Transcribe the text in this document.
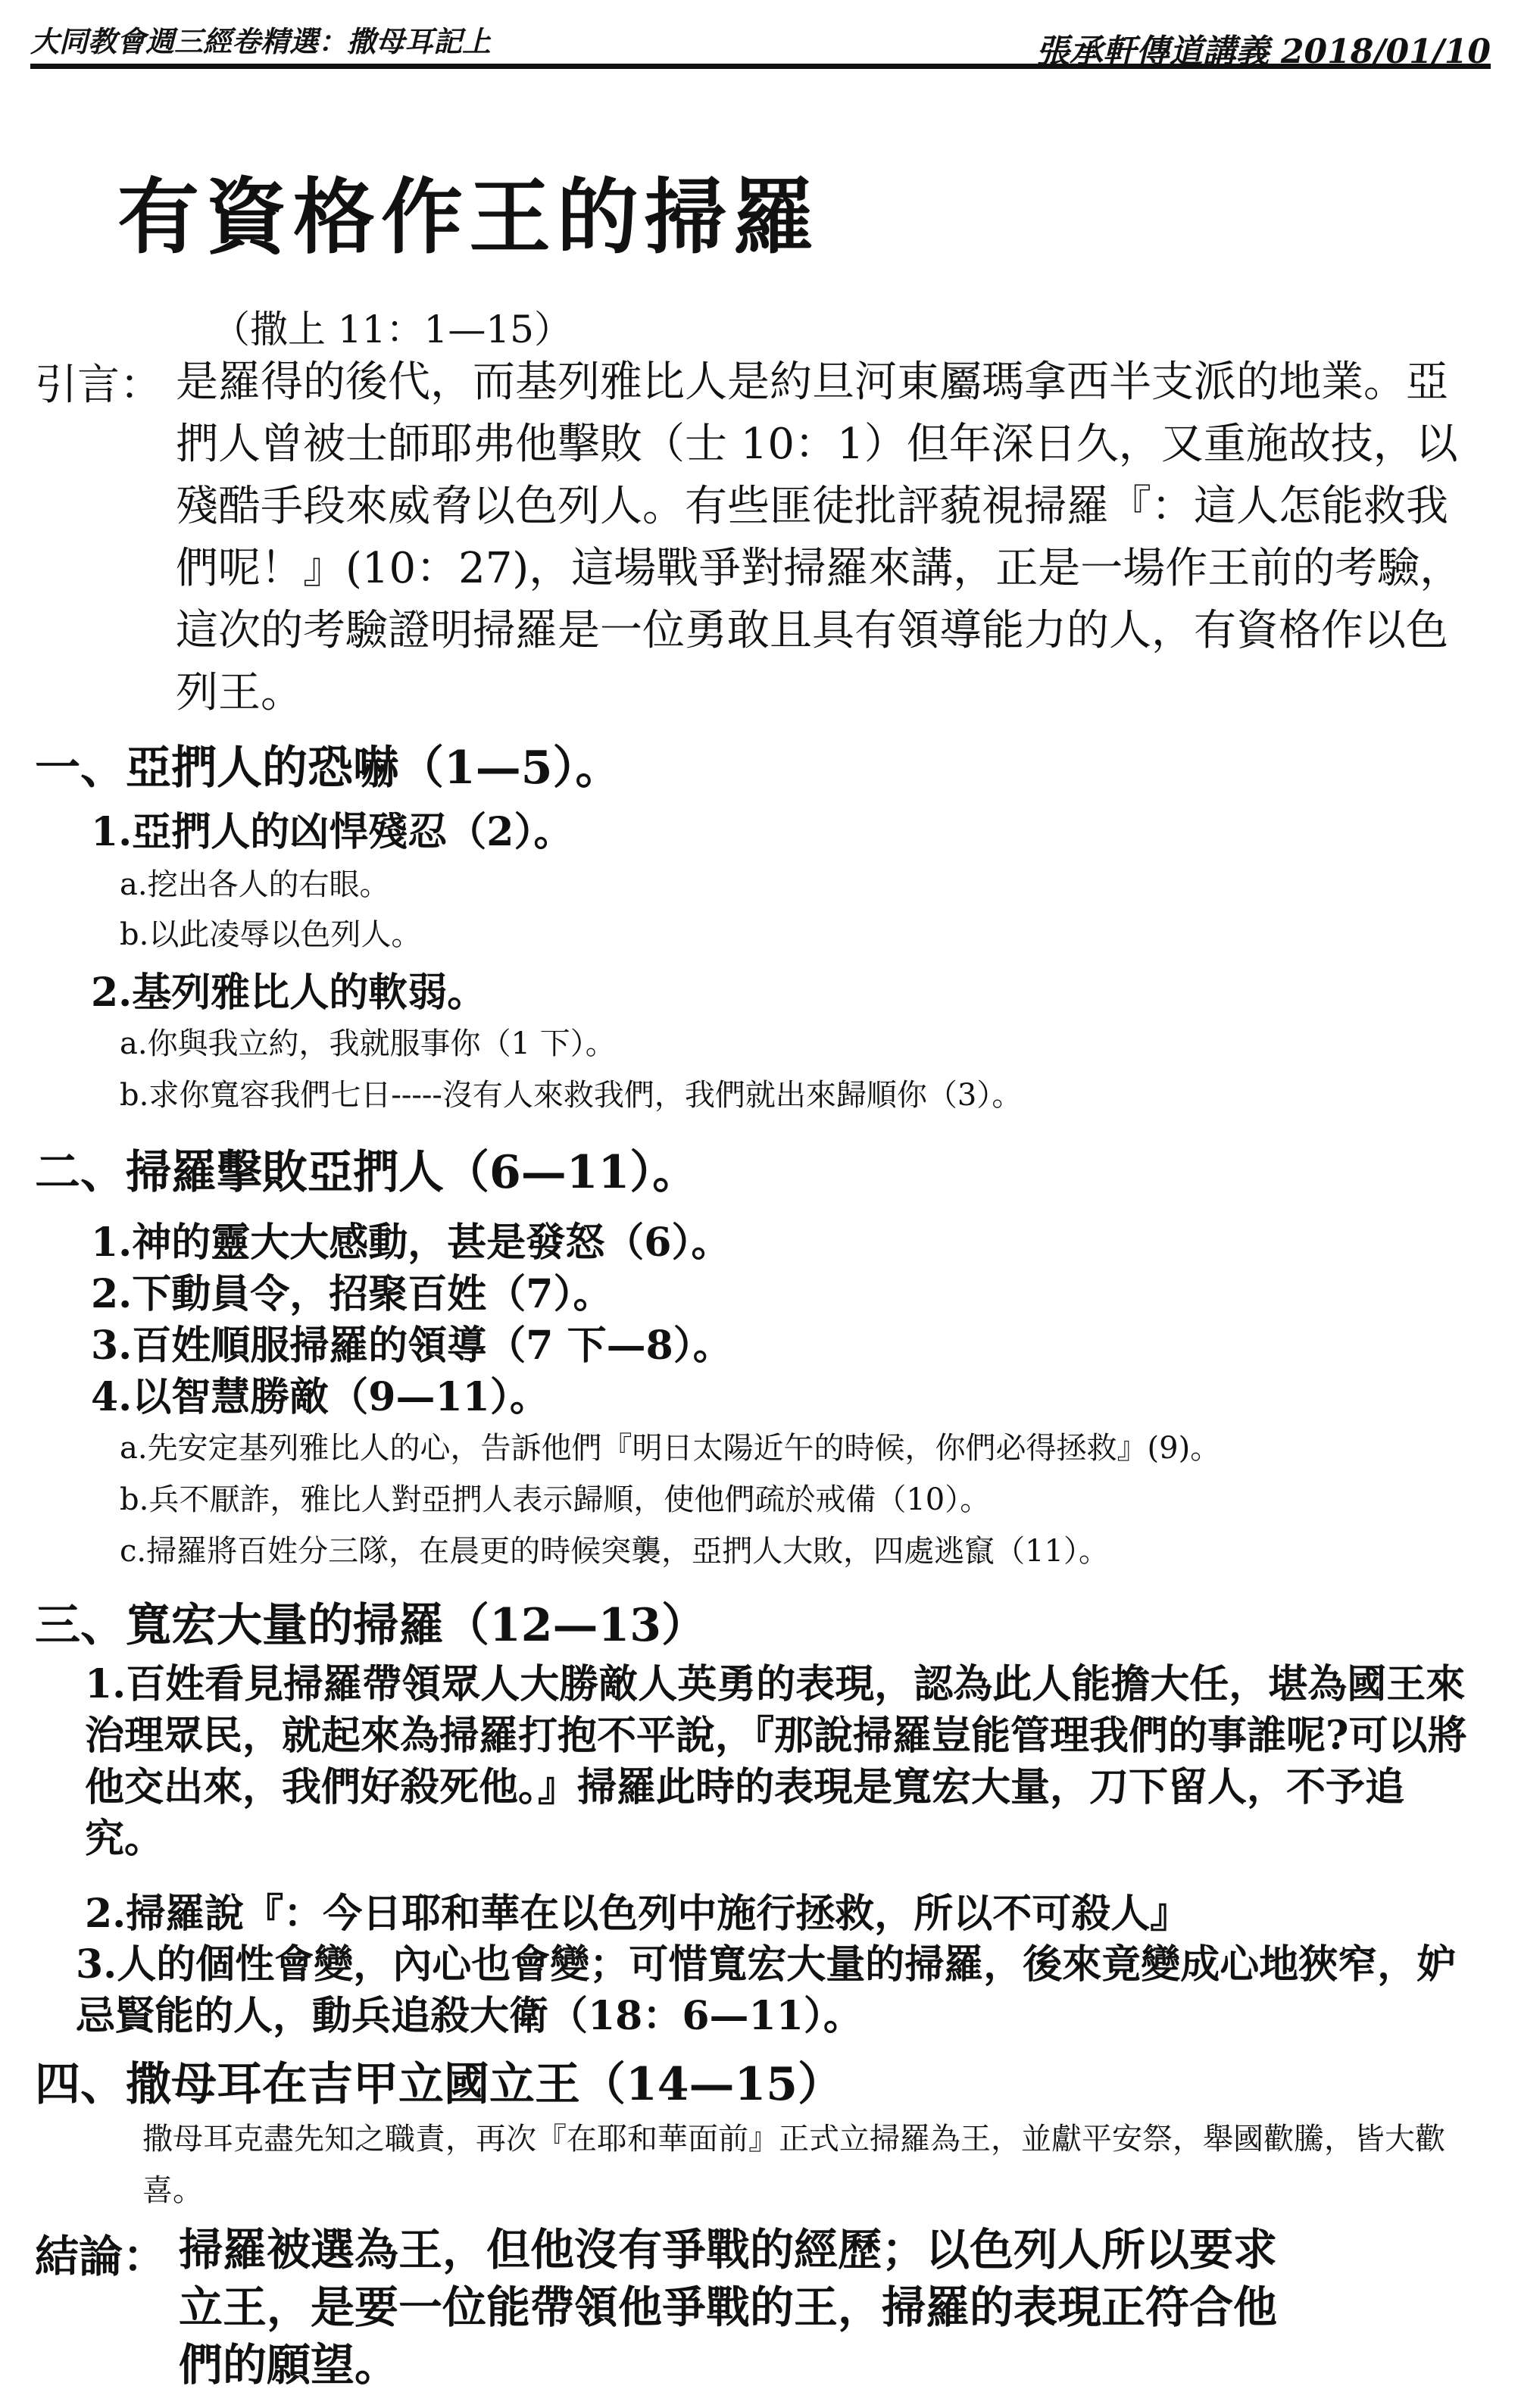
大同教會週三經卷精選：撒母耳記上	張承軒傳道講義 2018/01/10
有資格作王的掃羅
（撒上 11：1—15）
引言： 是羅得的後代，而基列雅比人是約旦河東屬瑪拿西半支派的地業。亞捫人曾被士師耶弗他擊敗（士 10：1）但年深日久，又重施故技，以殘酷手段來威脅以色列人。有些匪徒批評藐視掃羅『：這人怎能救我們呢！』(10：27)，這場戰爭對掃羅來講，正是一場作王前的考驗，這次的考驗證明掃羅是一位勇敢且具有領導能力的人，有資格作以色列王。
一、亞捫人的恐嚇（1—5）。
1.亞捫人的凶悍殘忍（2）。
a.挖出各人的右眼。
b.以此凌辱以色列人。
2.基列雅比人的軟弱。
a.你與我立約，我就服事你（1 下）。
b.求你寬容我們七日-----沒有人來救我們，我們就出來歸順你（3）。
二、掃羅擊敗亞捫人（6—11）。
1.神的靈大大感動，甚是發怒（6）。
2.下動員令，招聚百姓（7）。
3.百姓順服掃羅的領導（7 下—8）。
4.以智慧勝敵（9—11）。
a.先安定基列雅比人的心，告訴他們『明日太陽近午的時候，你們必得拯救』(9)。
b.兵不厭詐，雅比人對亞捫人表示歸順，使他們疏於戒備（10）。
c.掃羅將百姓分三隊，在晨更的時候突襲，亞捫人大敗，四處逃竄（11）。
三、寬宏大量的掃羅（12—13）
1.百姓看見掃羅帶領眾人大勝敵人英勇的表現，認為此人能擔大任，堪為國王來治理眾民，就起來為掃羅打抱不平說，『那說掃羅豈能管理我們的事誰呢?可以將他交出來，我們好殺死他。』掃羅此時的表現是寬宏大量，刀下留人，不予追究。
2.掃羅說『：今日耶和華在以色列中施行拯救，所以不可殺人』
3.人的個性會變，內心也會變；可惜寬宏大量的掃羅，後來竟變成心地狹窄，妒忌賢能的人，動兵追殺大衛（18：6—11）。
四、撒母耳在吉甲立國立王（14—15）
撒母耳克盡先知之職責，再次『在耶和華面前』正式立掃羅為王，並獻平安祭，舉國歡騰，皆大歡喜。
結論： 掃羅被選為王，但他沒有爭戰的經歷；以色列人所以要求立王，是要一位能帶領他爭戰的王，掃羅的表現正符合他們的願望。
